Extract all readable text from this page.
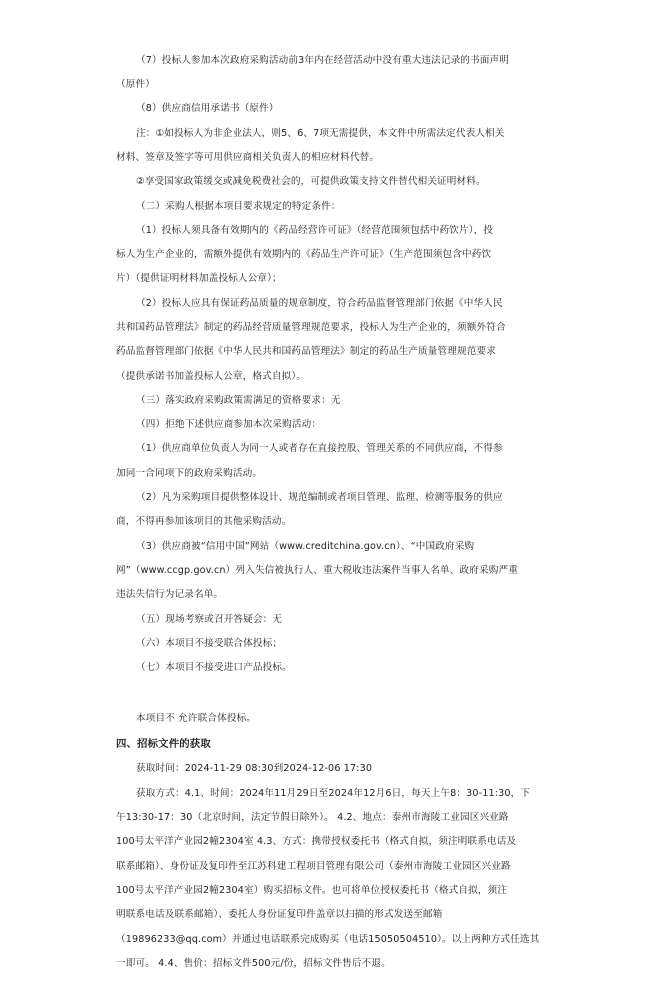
（7）投标人参加本次政府采购活动前3年内在经营活动中没有重大违法记录的书面声明
（原件）
（8）供应商信用承诺书（原件）
注：①如投标人为非企业法人，则5、6、7项无需提供，本文件中所需法定代表人相关
材料、签章及签字等可用供应商相关负责人的相应材料代替。
②享受国家政策缓交或减免税费社会的，可提供政策支持文件替代相关证明材料。
（二）采购人根据本项目要求规定的特定条件：
（1）投标人须具备有效期内的《药品经营许可证》（经营范围须包括中药饮片），投
标人为生产企业的，需额外提供有效期内的《药品生产许可证》（生产范围须包含中药饮
片）（提供证明材料加盖投标人公章）；
（2）投标人应具有保证药品质量的规章制度，符合药品监督管理部门依据《中华人民
共和国药品管理法》制定的药品经营质量管理规范要求，投标人为生产企业的，须额外符合
药品监督管理部门依据《中华人民共和国药品管理法》制定的药品生产质量管理规范要求
（提供承诺书加盖投标人公章，格式自拟）。
（三）落实政府采购政策需满足的资格要求：无
（四）拒绝下述供应商参加本次采购活动：
（1）供应商单位负责人为同一人或者存在直接控股、管理关系的不同供应商，不得参
加同一合同项下的政府采购活动。
（2）凡为采购项目提供整体设计、规范编制或者项目管理、监理、检测等服务的供应
商，不得再参加该项目的其他采购活动。
（3）供应商被“信用中国”网站（www.creditchina.gov.cn）、“中国政府采购
网”（www.ccgp.gov.cn）列入失信被执行人、重大税收违法案件当事人名单、政府采购严重
违法失信行为记录名单。
（五）现场考察或召开答疑会：无
（六）本项目不接受联合体投标；
（七）本项目不接受进口产品投标。
本项目不 允许联合体投标。
四、招标文件的获取
获取时间：2024-11-29 08:30到2024-12-06 17:30
获取方式：4.1、时间：2024年11月29日至2024年12月6日，每天上午8：30-11:30，下
午13:30-17：30（北京时间，法定节假日除外）。 4.2、地点：泰州市海陵工业园区兴业路
100号太平洋产业园2幢2304室 4.3、方式：携带授权委托书（格式自拟，须注明联系电话及
联系邮箱）、身份证及复印件至江苏科建工程项目管理有限公司（泰州市海陵工业园区兴业路
100号太平洋产业园2幢2304室）购买招标文件。也可将单位授权委托书（格式自拟，须注
明联系电话及联系邮箱）、委托人身份证复印件盖章以扫描的形式发送至邮箱
（19896233@qq.com）并通过电话联系完成购买（电话15050504510）。以上两种方式任选其
一即可。 4.4、售价：招标文件500元/份，招标文件售后不退。
